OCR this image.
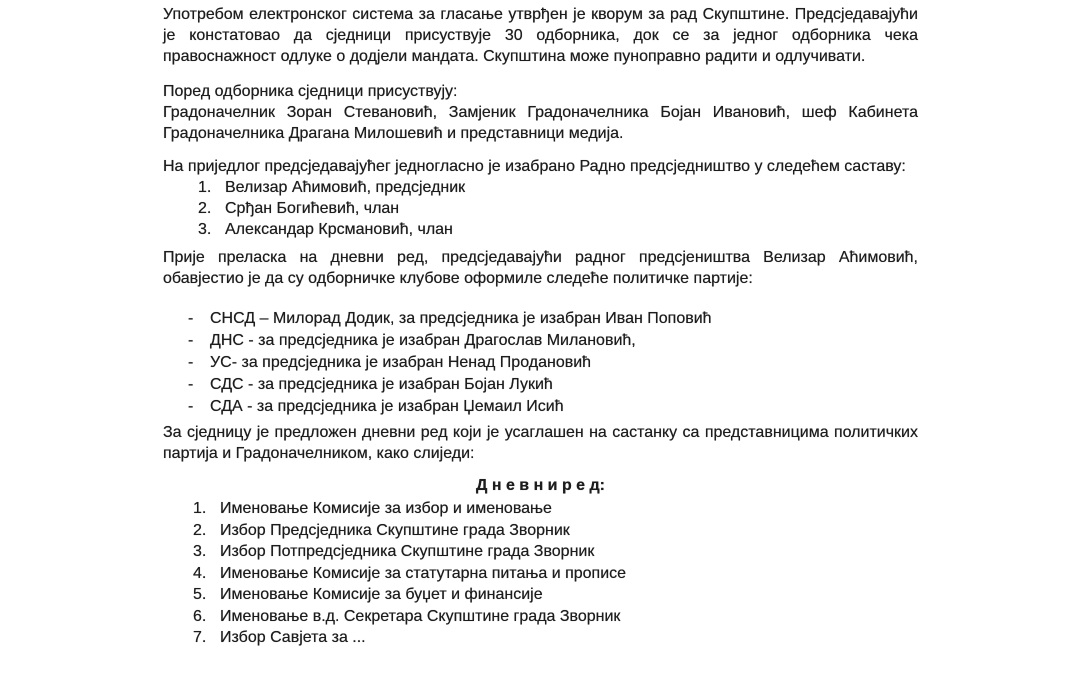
Употребом електронског система за гласање утврђен је кворум за рад Скупштине. Предсједавајући је констатовао да сједници присуствује 30 одборника, док се за једног одборника чека правоснажност одлуке о додјели мандата. Скупштина може пуноправно радити и одлучивати.

Поред одборника сједници присуствују:

Градоначелник Зоран Стевановић, Замјеник Градоначелника Бојан Ивановић, шеф Кабинета Градоначелника Драгана Милошевић и представници медија.

На приједлог предсједавајућег једногласно је изабрано Радно предсједништво у следећем саставу:

1. Велизар Аћимовић, предсједник
2. Срђан Богићевић, члан
3. Александар Крсмановић, члан

Прије преласка на дневни ред, предсједавајући радног предсјеништва Велизар Аћимовић, обавјестио је да су одборничке клубове оформиле следеће политичке партије:

-	СНСД – Милорад Додик, за предсједника је изабран Иван Поповић
-	ДНС - за предсједника је изабран Драгослав Милановић,
-	УС- за предсједника је изабран Ненад Продановић
-	СДС - за предсједника је изабран Бојан Лукић
-	СДА - за предсједника је изабран Џемаил Исић

За сједницу је предложен дневни ред који је усаглашен на састанку са представницима политичких партија и Градоначелником, како слиједи:

Д н е в н и р е д:
1. Именовање Комисије за избор и именовање
2. Избор Предсједника Скупштине града Зворник
3. Избор Потпредсједника Скупштине града Зворник
4. Именовање Комисије за статутарна питања и прописе
5. Именовање Комисије за буџет и финансије
6. Именовање в.д. Секретара Скупштине града Зворник
7. Избор Савјета за ...
